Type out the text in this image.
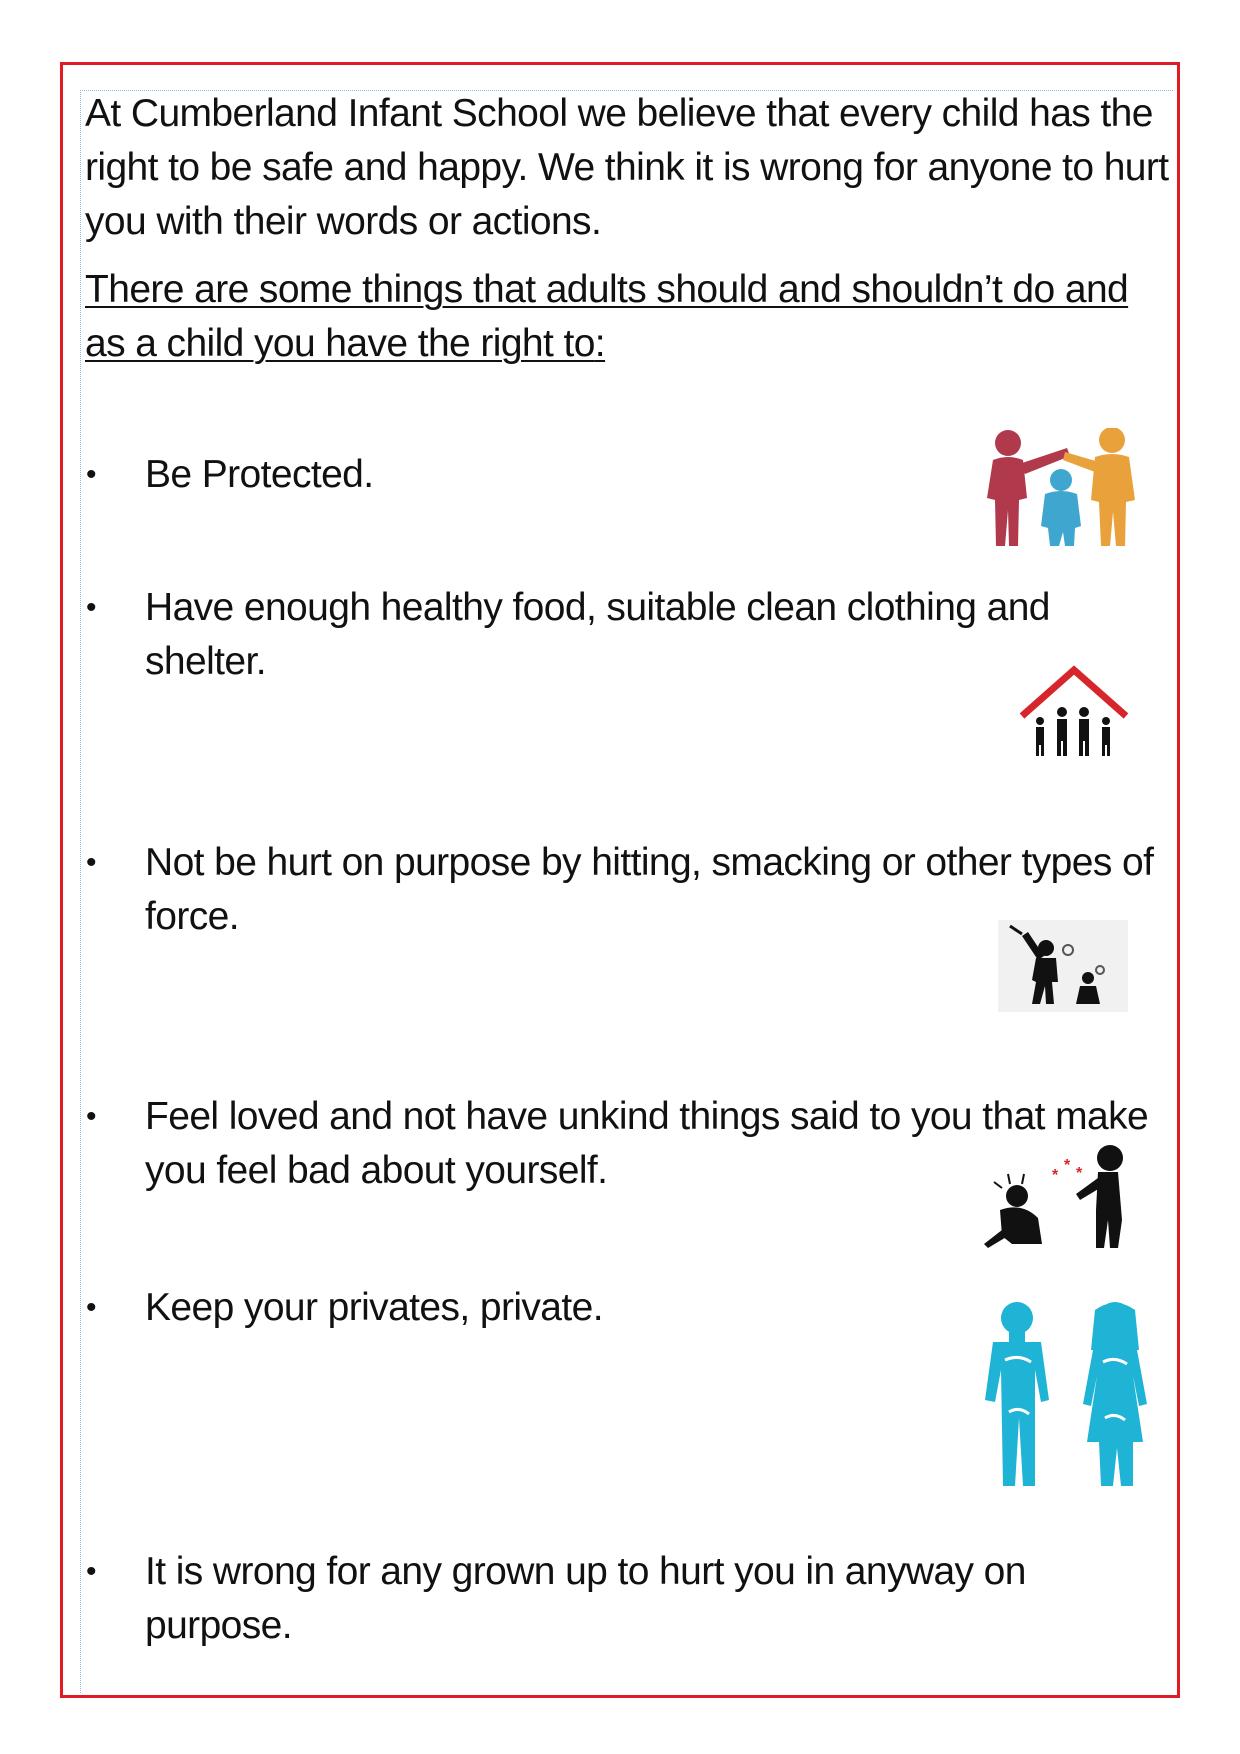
At Cumberland Infant School we believe that every child has the right to be safe and happy. We think it is wrong for anyone to hurt you with their words or actions.

There are some things that adults should and shouldn’t do and as a child you have the right to:

• Be Protected.

• Have enough healthy food, suitable clean clothing and shelter.

• Not be hurt on purpose by hitting, smacking or other types of force.

• Feel loved and not have unkind things said to you that make you feel bad about yourself.

• Keep your privates, private.

• It is wrong for any grown up to hurt you in anyway on purpose.

*
* *
